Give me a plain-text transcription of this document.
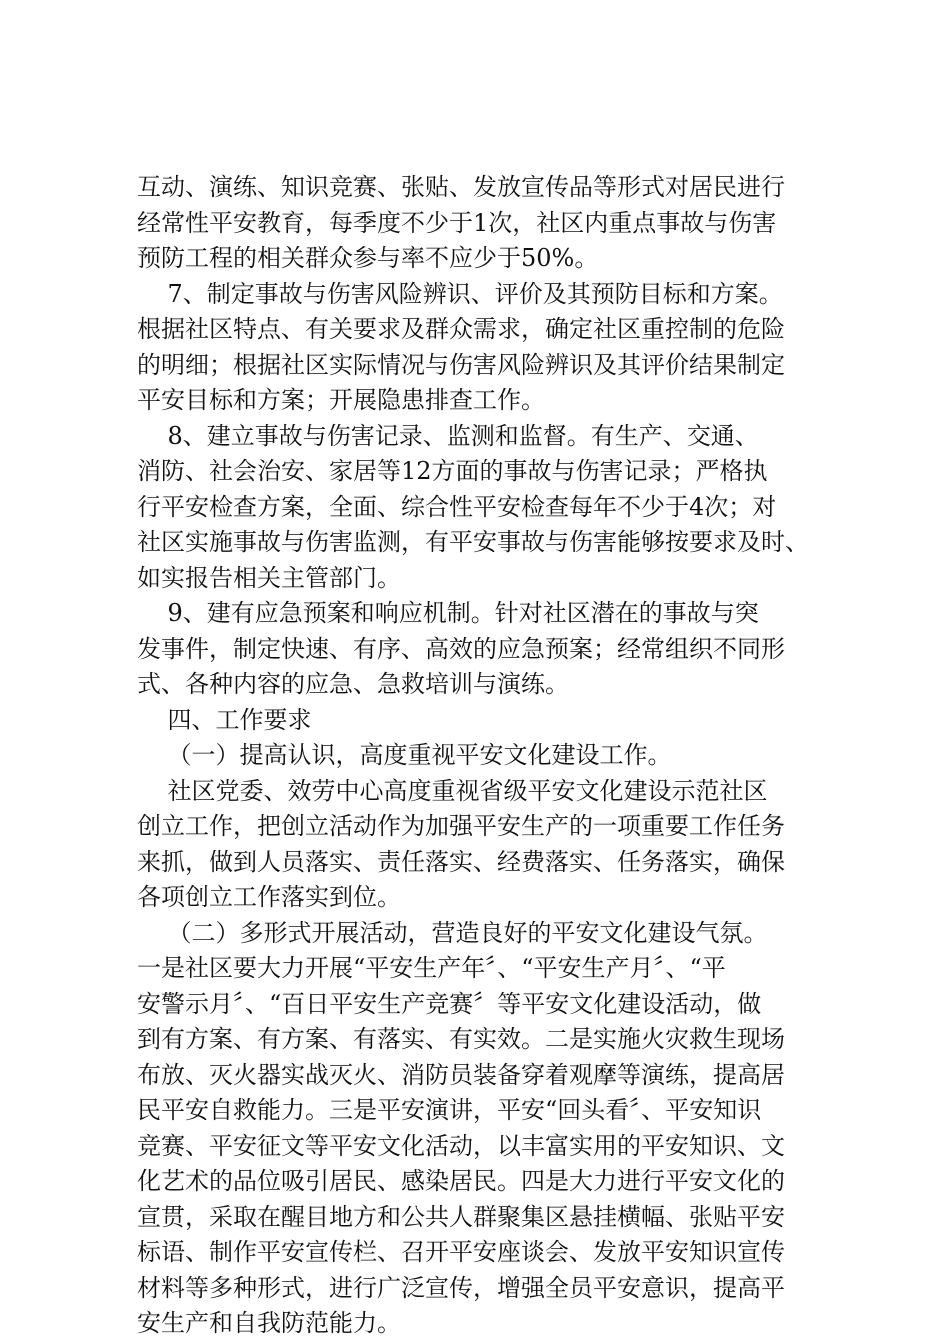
互动、演练、知识竞赛、张贴、发放宣传品等形式对居民进行
经常性平安教育，每季度不少于1次，社区内重点事故与伤害
预防工程的相关群众参与率不应少于50%。
7、制定事故与伤害风险辨识、评价及其预防目标和方案。
根据社区特点、有关要求及群众需求，确定社区重控制的危险
的明细；根据社区实际情况与伤害风险辨识及其评价结果制定
平安目标和方案；开展隐患排查工作。
8、建立事故与伤害记录、监测和监督。有生产、交通、
消防、社会治安、家居等12方面的事故与伤害记录；严格执
行平安检查方案，全面、综合性平安检查每年不少于4次；对
社区实施事故与伤害监测，有平安事故与伤害能够按要求及时、
如实报告相关主管部门。
9、建有应急预案和响应机制。针对社区潜在的事故与突
发事件，制定快速、有序、高效的应急预案；经常组织不同形
式、各种内容的应急、急救培训与演练。
四、工作要求
（一）提高认识，高度重视平安文化建设工作。
社区党委、效劳中心高度重视省级平安文化建设示范社区
创立工作，把创立活动作为加强平安生产的一项重要工作任务
来抓，做到人员落实、责任落实、经费落实、任务落实，确保
各项创立工作落实到位。
（二）多形式开展活动，营造良好的平安文化建设气氛。
一是社区要大力开展“平安生产年〞、“平安生产月〞、“平
安警示月〞、“百日平安生产竞赛〞等平安文化建设活动，做
到有方案、有方案、有落实、有实效。二是实施火灾救生现场
布放、灭火器实战灭火、消防员装备穿着观摩等演练，提高居
民平安自救能力。三是平安演讲，平安“回头看〞、平安知识
竞赛、平安征文等平安文化活动，以丰富实用的平安知识、文
化艺术的品位吸引居民、感染居民。四是大力进行平安文化的
宣贯，采取在醒目地方和公共人群聚集区悬挂横幅、张贴平安
标语、制作平安宣传栏、召开平安座谈会、发放平安知识宣传
材料等多种形式，进行广泛宣传，增强全员平安意识，提高平
安生产和自我防范能力。
